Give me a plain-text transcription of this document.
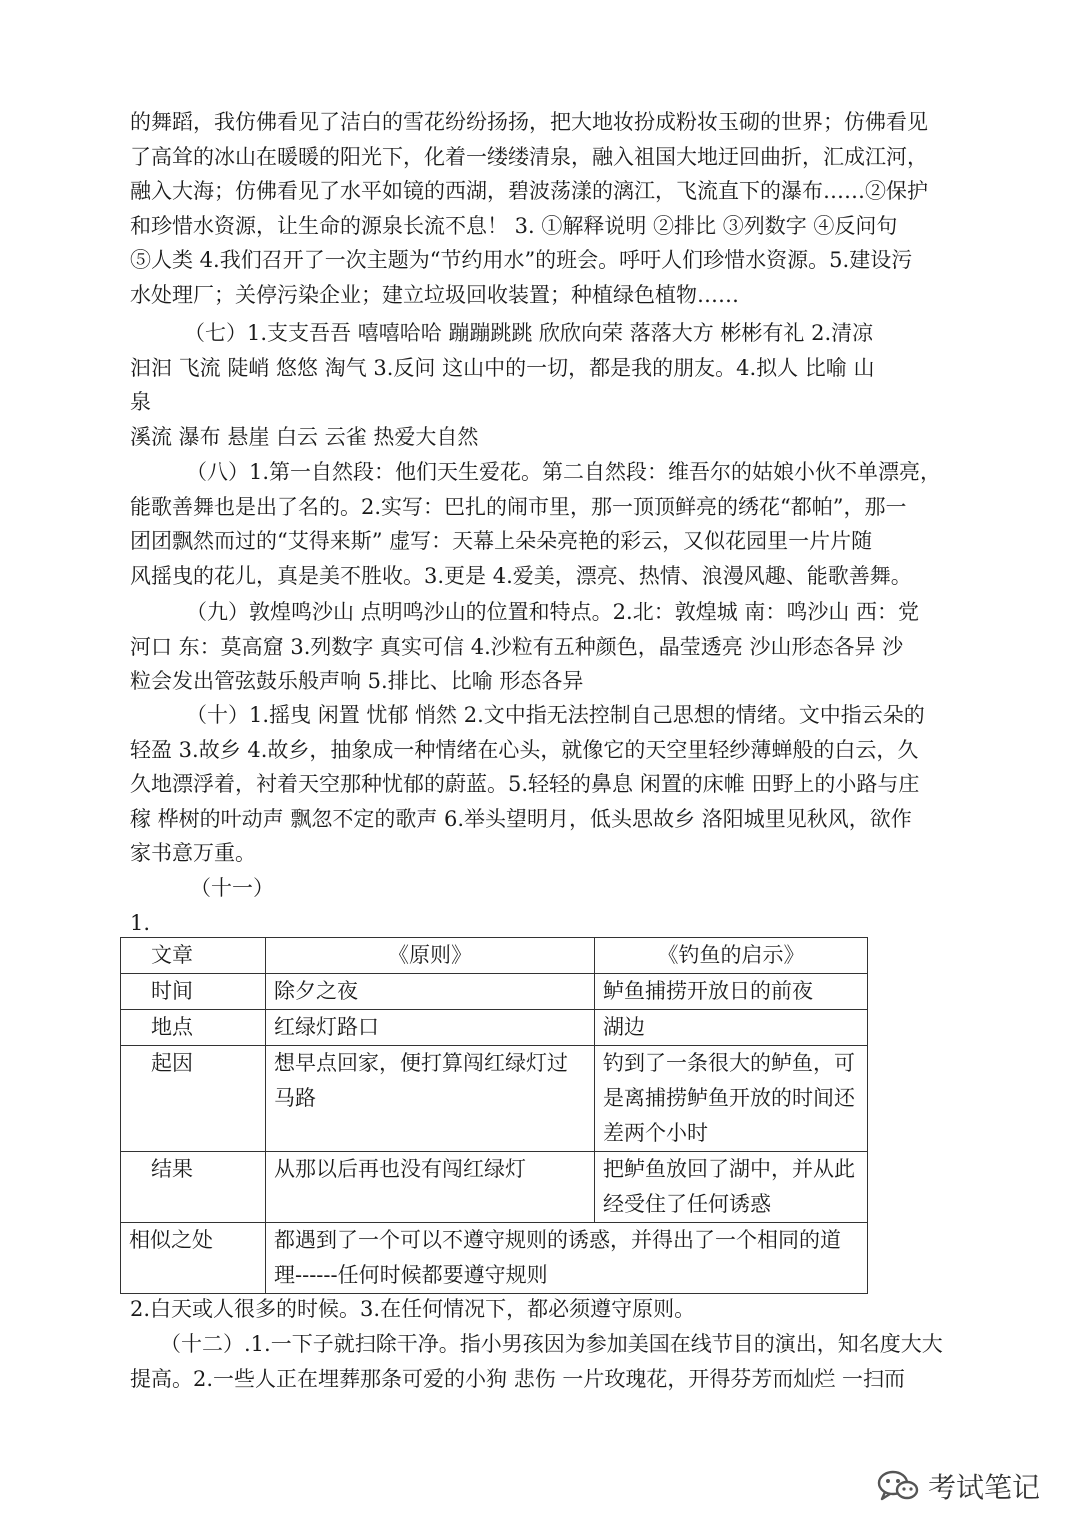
的舞蹈，我仿佛看见了洁白的雪花纷纷扬扬，把大地妆扮成粉妆玉砌的世界；仿佛看见
了高耸的冰山在暖暖的阳光下，化着一缕缕清泉，融入祖国大地迂回曲折，汇成江河，
融入大海；仿佛看见了水平如镜的西湖，碧波荡漾的漓江，飞流直下的瀑布……②保护
和珍惜水资源，让生命的源泉长流不息！ 3. ①解释说明 ②排比 ③列数字 ④反问句
⑤人类 4.我们召开了一次主题为“节约用水”的班会。呼吁人们珍惜水资源。5.建设污
水处理厂；关停污染企业；建立垃圾回收装置；种植绿色植物……
（七）1.支支吾吾 嘻嘻哈哈 蹦蹦跳跳 欣欣向荣 落落大方 彬彬有礼 2.清凉
汩汩 飞流 陡峭 悠悠 淘气 3.反问 这山中的一切，都是我的朋友。4.拟人 比喻 山
泉
溪流 瀑布 悬崖 白云 云雀 热爱大自然
（八）1.第一自然段：他们天生爱花。第二自然段：维吾尔的姑娘小伙不单漂亮，
能歌善舞也是出了名的。2.实写：巴扎的闹市里，那一顶顶鲜亮的绣花“都帕”，那一
团团飘然而过的“艾得来斯” 虚写：天幕上朵朵亮艳的彩云，又似花园里一片片随
风摇曳的花儿，真是美不胜收。3.更是 4.爱美，漂亮、热情、浪漫风趣、能歌善舞。
（九）敦煌鸣沙山 点明鸣沙山的位置和特点。2.北：敦煌城 南：鸣沙山 西：党
河口 东：莫高窟 3.列数字 真实可信 4.沙粒有五种颜色，晶莹透亮 沙山形态各异 沙
粒会发出管弦鼓乐般声响 5.排比、比喻 形态各异
（十）1.摇曳 闲置 忧郁 悄然 2.文中指无法控制自己思想的情绪。文中指云朵的
轻盈 3.故乡 4.故乡，抽象成一种情绪在心头，就像它的天空里轻纱薄蝉般的白云，久
久地漂浮着，衬着天空那种忧郁的蔚蓝。5.轻轻的鼻息 闲置的床帷 田野上的小路与庄
稼 桦树的叶动声 飘忽不定的歌声 6.举头望明月，低头思故乡 洛阳城里见秋风，欲作
家书意万重。
（十一）
1.
文章	《原则》	《钓鱼的启示》
时间	除夕之夜	鲈鱼捕捞开放日的前夜
地点	红绿灯路口	湖边
起因	想早点回家，便打算闯红绿灯过马路	钓到了一条很大的鲈鱼，可是离捕捞鲈鱼开放的时间还差两个小时
结果	从那以后再也没有闯红绿灯	把鲈鱼放回了湖中，并从此经受住了任何诱惑
相似之处	都遇到了一个可以不遵守规则的诱惑，并得出了一个相同的道理------任何时候都要遵守规则	
2.白天或人很多的时候。3.在任何情况下，都必须遵守原则。
（十二）.1.一下子就扫除干净。指小男孩因为参加美国在线节目的演出，知名度大大
提高。2.一些人正在埋葬那条可爱的小狗 悲伤 一片玫瑰花，开得芬芳而灿烂 一扫而
考试笔记
